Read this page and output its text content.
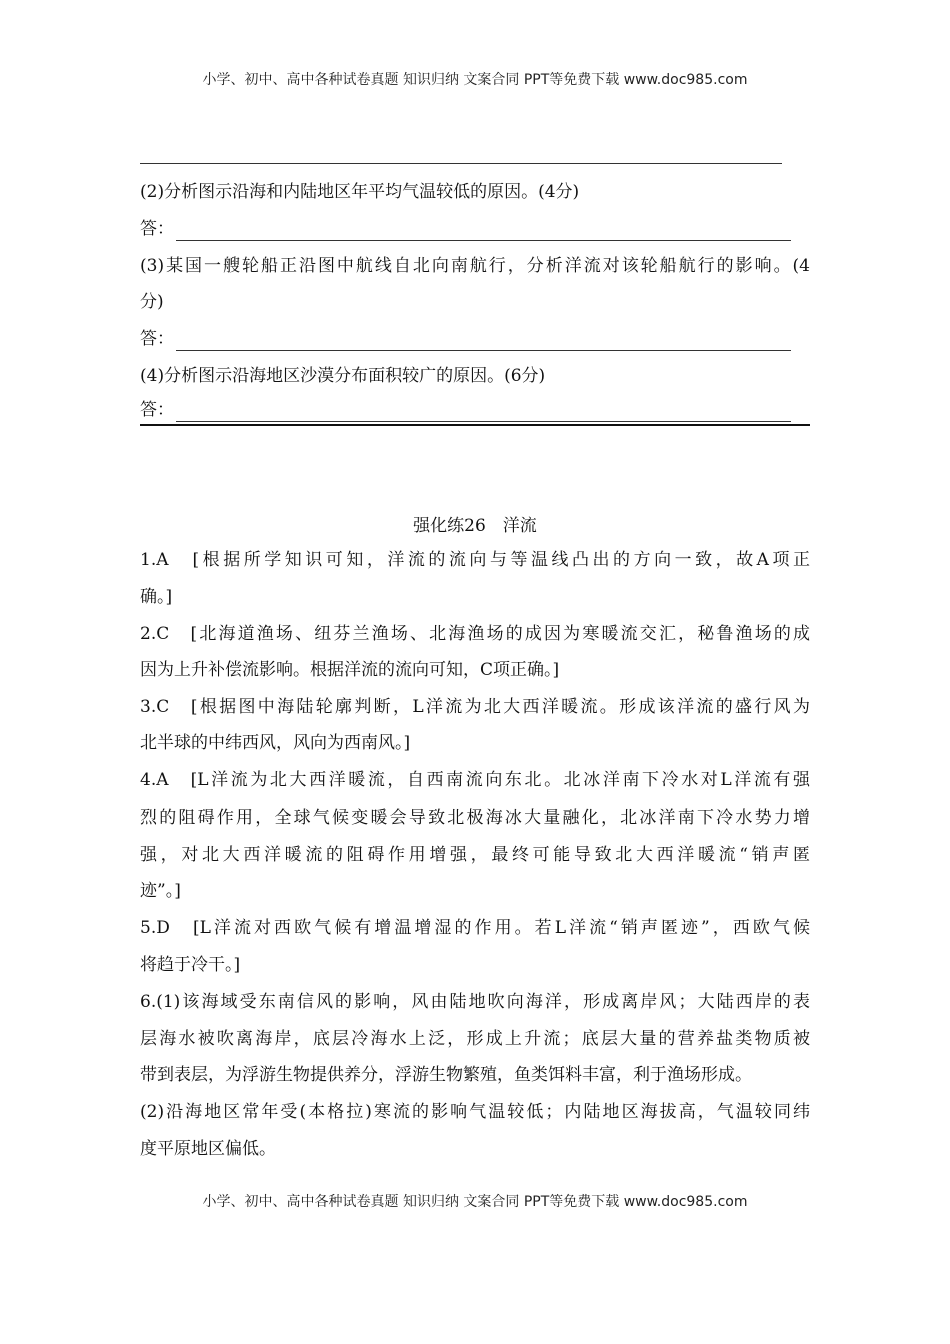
小学、初中、高中各种试卷真题 知识归纳 文案合同 PPT等免费下载 www.doc985.com
(2)分析图示沿海和内陆地区年平均气温较低的原因。(4分)
答：
(3)某国一艘轮船正沿图中航线自北向南航行，分析洋流对该轮船航行的影响。(4
分)
答：
(4)分析图示沿海地区沙漠分布面积较广的原因。(6分)
答：
强化练26　洋流
1.A　[根据所学知识可知，洋流的流向与等温线凸出的方向一致，故A项正
确。]
2.C　[北海道渔场、纽芬兰渔场、北海渔场的成因为寒暖流交汇，秘鲁渔场的成
因为上升补偿流影响。根据洋流的流向可知，C项正确。]
3.C　[根据图中海陆轮廓判断，L洋流为北大西洋暖流。形成该洋流的盛行风为
北半球的中纬西风，风向为西南风。]
4.A　[L洋流为北大西洋暖流，自西南流向东北。北冰洋南下冷水对L洋流有强
烈的阻碍作用，全球气候变暖会导致北极海冰大量融化，北冰洋南下冷水势力增
强，对北大西洋暖流的阻碍作用增强，最终可能导致北大西洋暖流“销声匿
迹”。]
5.D　[L洋流对西欧气候有增温增湿的作用。若L洋流“销声匿迹”，西欧气候
将趋于冷干。]
6.(1)该海域受东南信风的影响，风由陆地吹向海洋，形成离岸风；大陆西岸的表
层海水被吹离海岸，底层冷海水上泛，形成上升流；底层大量的营养盐类物质被
带到表层，为浮游生物提供养分，浮游生物繁殖，鱼类饵料丰富，利于渔场形成。
(2)沿海地区常年受(本格拉)寒流的影响气温较低；内陆地区海拔高，气温较同纬
度平原地区偏低。
小学、初中、高中各种试卷真题 知识归纳 文案合同 PPT等免费下载 www.doc985.com
